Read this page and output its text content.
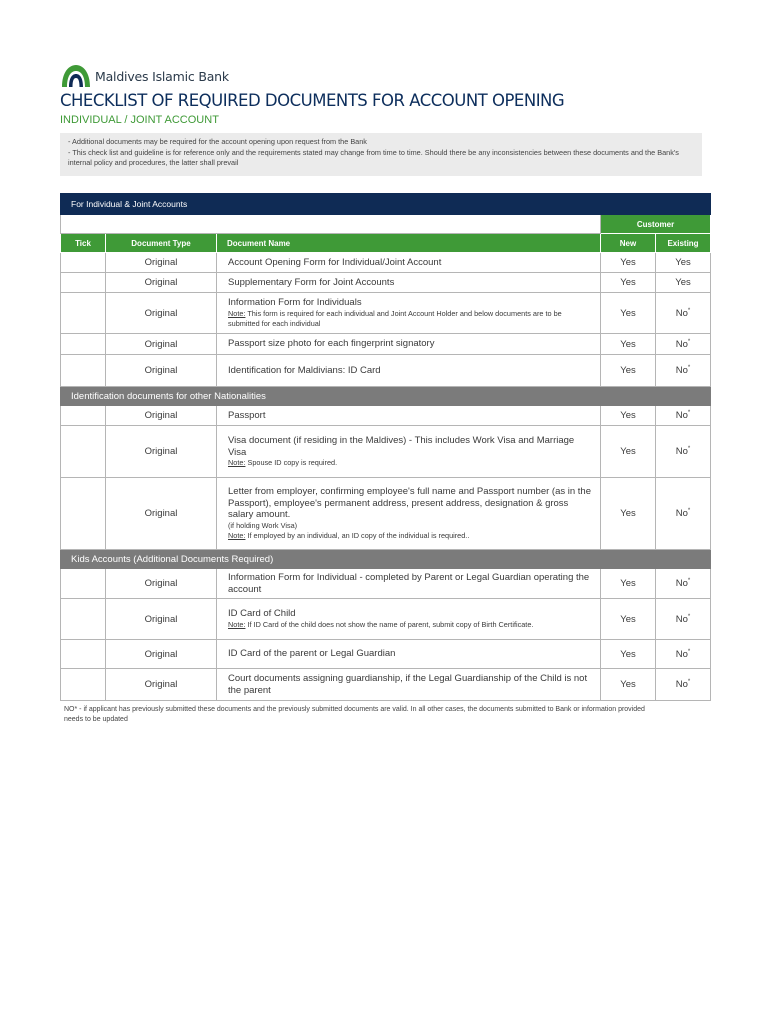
Maldives Islamic Bank
CHECKLIST OF REQUIRED DOCUMENTS FOR ACCOUNT OPENING
INDIVIDUAL / JOINT ACCOUNT

- Additional documents may be required for the account opening upon request from the Bank

- This check list and guideline is for reference only and the requirements stated may change from time to time. Should there be any inconsistencies between these documents and the Bank's internal policy and procedures, the latter shall prevail

For Individual & Joint Accounts				
			Customer	
Tick	Document Type	Document Name	New	Existing
	Original	Account Opening Form for Individual/Joint Account	Yes	Yes
	Original	Supplementary Form for Joint Accounts	Yes	Yes
	Original	Information Form for Individuals
Note: This form is required for each individual and Joint Account Holder and below documents are to be submitted for each individual	Yes	No*
	Original	Passport size photo for each fingerprint signatory	Yes	No*
	Original	Identification for Maldivians: ID Card	Yes	No*
Identification documents for other Nationalities				
	Original	Passport	Yes	No*
	Original	Visa document (if residing in the Maldives) - This includes Work Visa and Marriage Visa
Note: Spouse ID copy is required.	Yes	No*
	Original	Letter from employer, confirming employee's full name and Passport number (as in the Passport), employee's permanent address, present address, designation & gross salary amount.
(if holding Work Visa)
Note: If employed by an individual, an ID copy of the individual is required..	Yes	No*
Kids Accounts (Additional Documents Required)				
	Original	Information Form for Individual - completed by Parent or Legal Guardian operating the account	Yes	No*
	Original	ID Card of Child
Note: If ID Card of the child does not show the name of parent, submit copy of Birth Certificate.	Yes	No*
	Original	ID Card of the parent or Legal Guardian	Yes	No*
	Original	Court documents assigning guardianship, if the Legal Guardianship of the Child is not the parent	Yes	No*
NO* - if applicant has previously submitted these documents and the previously submitted documents are valid. In all other cases, the documents submitted to Bank or information provided needs to be updated
